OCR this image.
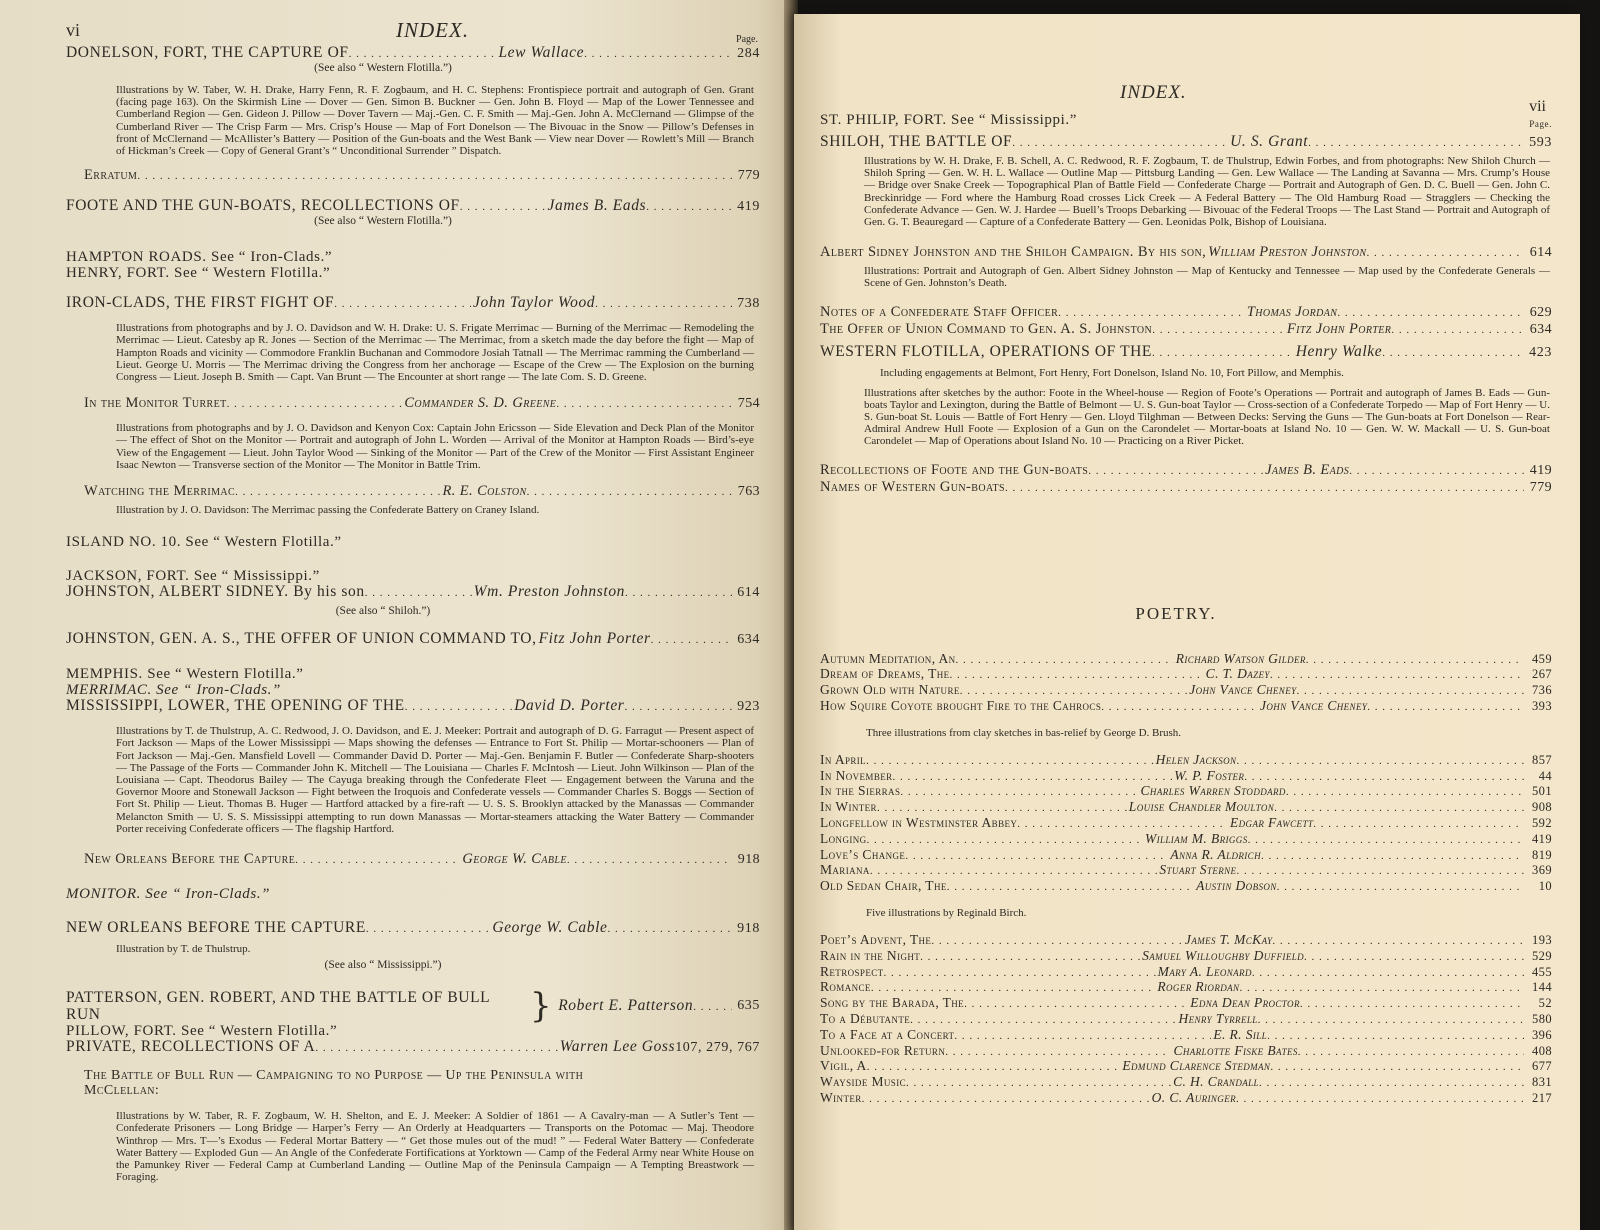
vi	INDEX.	Page.
DONELSON, FORT, THE CAPTURE OF . . .	Lew Wallace . . .	284
(See also “ Western Flotilla.”)
Illustrations by W. Taber, W. H. Drake, Harry Fenn, R. F. Zogbaum, and H. C. Stephens: Frontispiece portrait and autograph of Gen. Grant (facing page 163). On the Skirmish Line — Dover — Gen. Simon B. Buckner — Gen. John B. Floyd — Map of the Lower Tennessee and Cumberland Region — Gen. Gideon J. Pillow — Dover Tavern — Maj.-Gen. C. F. Smith — Maj.-Gen. John A. McClernand — Glimpse of the Cumberland River — The Crisp Farm — Mrs. Crisp’s House — Map of Fort Donelson — The Bivouac in the Snow — Pillow’s Defenses in front of McClernand — McAllister’s Battery — Position of the Gun-boats and the West Bank — View near Dover — Rowlett’s Mill — Branch of Hickman’s Creek — Copy of General Grant’s “ Unconditional Surrender ” Dispatch.
Erratum . . .	779
FOOTE AND THE GUN-BOATS, RECOLLECTIONS OF . . .	James B. Eads . . .	419
(See also “ Western Flotilla.”)
HAMPTON ROADS. See “ Iron-Clads.”
HENRY, FORT. See “ Western Flotilla.”
IRON-CLADS, THE FIRST FIGHT OF . . .	John Taylor Wood . . .	738
Illustrations from photographs and by J. O. Davidson and W. H. Drake: U. S. Frigate Merrimac — Burning of the Merrimac — Remodeling the Merrimac — Lieut. Catesby ap R. Jones — Section of the Merrimac — The Merrimac, from a sketch made the day before the fight — Map of Hampton Roads and vicinity — Commodore Franklin Buchanan and Commodore Josiah Tatnall — The Merrimac ramming the Cumberland — Lieut. George U. Morris — The Merrimac driving the Congress from her anchorage — Escape of the Crew — The Explosion on the burning Congress — Lieut. Joseph B. Smith — Capt. Van Brunt — The Encounter at short range — The late Com. S. D. Greene.
In the Monitor Turret . . .	Commander S. D. Greene . . .	754
Illustrations from photographs and by J. O. Davidson and Kenyon Cox: Captain John Ericsson — Side Elevation and Deck Plan of the Monitor — The effect of Shot on the Monitor — Portrait and autograph of John L. Worden — Arrival of the Monitor at Hampton Roads — Bird’s-eye View of the Engagement — Lieut. John Taylor Wood — Sinking of the Monitor — Part of the Crew of the Monitor — First Assistant Engineer Isaac Newton — Transverse section of the Monitor — The Monitor in Battle Trim.
Watching the Merrimac . . .	R. E. Colston . . .	763
Illustration by J. O. Davidson: The Merrimac passing the Confederate Battery on Craney Island.
ISLAND NO. 10. See “ Western Flotilla.”
JACKSON, FORT. See “ Mississippi.”
JOHNSTON, ALBERT SIDNEY. By his son . . .	Wm. Preston Johnston . . .	614
(See also “ Shiloh.”)
JOHNSTON, GEN. A. S., THE OFFER OF UNION COMMAND TO, Fitz John Porter . . .	634
MEMPHIS. See “ Western Flotilla.”
MERRIMAC. See “ Iron-Clads.”
MISSISSIPPI, LOWER, THE OPENING OF THE . . .	David D. Porter . . .	923
Illustrations by T. de Thulstrup, A. C. Redwood, J. O. Davidson, and E. J. Meeker: Portrait and autograph of D. G. Farragut — Present aspect of Fort Jackson — Maps of the Lower Mississippi — Maps showing the defenses — Entrance to Fort St. Philip — Mortar-schooners — Plan of Fort Jackson — Maj.-Gen. Mansfield Lovell — Commander David D. Porter — Maj.-Gen. Benjamin F. Butler — Confederate Sharp-shooters — The Passage of the Forts — Commander John K. Mitchell — The Louisiana — Charles F. McIntosh — Lieut. John Wilkinson — Plan of the Louisiana — Capt. Theodorus Bailey — The Cayuga breaking through the Confederate Fleet — Engagement between the Varuna and the Governor Moore and Stonewall Jackson — Fight between the Iroquois and Confederate vessels — Commander Charles S. Boggs — Section of Fort St. Philip — Lieut. Thomas B. Huger — Hartford attacked by a fire-raft — U. S. S. Brooklyn attacked by the Manassas — Commander Melancton Smith — U. S. S. Mississippi attempting to run down Manassas — Mortar-steamers attacking the Water Battery — Commander Porter receiving Confederate officers — The flagship Hartford.
New Orleans Before the Capture . . .	George W. Cable . . .	918
MONITOR. See “ Iron-Clads.”
NEW ORLEANS BEFORE THE CAPTURE . . .	George W. Cable . . .	918
Illustration by T. de Thulstrup.
(See also “ Mississippi.”)
PATTERSON, GEN. ROBERT, AND THE BATTLE OF BULL RUN	} Robert E. Patterson . . .	635
PILLOW, FORT. See “ Western Flotilla.”
PRIVATE, RECOLLECTIONS OF A . . .	Warren Lee Goss 107, 279, 767
The Battle of Bull Run — Campaigning to no Purpose — Up the Peninsula with McClellan:
Illustrations by W. Taber, R. F. Zogbaum, W. H. Shelton, and E. J. Meeker: A Soldier of 1861 — A Cavalry-man — A Sutler’s Tent — Confederate Prisoners — Long Bridge — Harper’s Ferry — An Orderly at Headquarters — Transports on the Potomac — Maj. Theodore Winthrop — Mrs. T—’s Exodus — Federal Mortar Battery — “ Get those mules out of the mud! ” — Federal Water Battery — Confederate Water Battery — Exploded Gun — An Angle of the Confederate Fortifications at Yorktown — Camp of the Federal Army near White House on the Pamunkey River — Federal Camp at Cumberland Landing — Outline Map of the Peninsula Campaign — A Tempting Breastwork — Foraging.
INDEX.
vii
ST. PHILIP, FORT. See “ Mississippi.”	Page.
SHILOH, THE BATTLE OF . . .	U. S. Grant . . .	593
Illustrations by W. H. Drake, F. B. Schell, A. C. Redwood, R. F. Zogbaum, T. de Thulstrup, Edwin Forbes, and from photographs: New Shiloh Church — Shiloh Spring — Gen. W. H. L. Wallace — Outline Map — Pittsburg Landing — Gen. Lew Wallace — The Landing at Savanna — Mrs. Crump’s House — Bridge over Snake Creek — Topographical Plan of Battle Field — Confederate Charge — Portrait and Autograph of Gen. D. C. Buell — Gen. John C. Breckinridge — Ford where the Hamburg Road crosses Lick Creek — A Federal Battery — The Old Hamburg Road — Stragglers — Checking the Confederate Advance — Gen. W. J. Hardee — Buell’s Troops Debarking — Bivouac of the Federal Troops — The Last Stand — Portrait and Autograph of Gen. G. T. Beauregard — Capture of a Confederate Battery — Gen. Leonidas Polk, Bishop of Louisiana.
Albert Sidney Johnston and the Shiloh Campaign. By his son, William Preston Johnston . . .	614
Illustrations: Portrait and Autograph of Gen. Albert Sidney Johnston — Map of Kentucky and Tennessee — Map used by the Confederate Generals — Scene of Gen. Johnston’s Death.
Notes of a Confederate Staff Officer . . .	Thomas Jordan . . .	629
The Offer of Union Command to Gen. A. S. Johnston . . .	Fitz John Porter . . .	634
WESTERN FLOTILLA, OPERATIONS OF THE . . .	Henry Walke . . .	423
Including engagements at Belmont, Fort Henry, Fort Donelson, Island No. 10, Fort Pillow, and Memphis.
Illustrations after sketches by the author: Foote in the Wheel-house — Region of Foote’s Operations — Portrait and autograph of James B. Eads — Gun-boats Taylor and Lexington, during the Battle of Belmont — U. S. Gun-boat Taylor — Cross-section of a Confederate Torpedo — Map of Fort Henry — U. S. Gun-boat St. Louis — Battle of Fort Henry — Gen. Lloyd Tilghman — Between Decks: Serving the Guns — The Gun-boats at Fort Donelson — Rear-Admiral Andrew Hull Foote — Explosion of a Gun on the Carondelet — Mortar-boats at Island No. 10 — Gen. W. W. Mackall — U. S. Gun-boat Carondelet — Map of Operations about Island No. 10 — Practicing on a River Picket.
Recollections of Foote and the Gun-boats . . .	James B. Eads . . .	419
Names of Western Gun-boats . . .	779
POETRY.
Autumn Meditation, An . . .	Richard Watson Gilder . . .	459
Dream of Dreams, The . . .	C. T. Dazey . . .	267
Grown Old with Nature . . .	John Vance Cheney . . .	736
How Squire Coyote brought Fire to the Cahrocs . . .	John Vance Cheney . . .	393
Three illustrations from clay sketches in bas-relief by George D. Brush.
In April . . .	Helen Jackson . . .	857
In November . . .	W. P. Foster . . .	44
In the Sierras . . .	Charles Warren Stoddard . . .	501
In Winter . . .	Louise Chandler Moulton . . .	908
Longfellow in Westminster Abbey . . .	Edgar Fawcett . . .	592
Longing . . .	William M. Briggs . . .	419
Love’s Change . . .	Anna R. Aldrich . . .	819
Mariana . . .	Stuart Sterne . . .	369
Old Sedan Chair, The . . .	Austin Dobson . . .	10
Five illustrations by Reginald Birch.
Poet’s Advent, The . . .	James T. McKay . . .	193
Rain in the Night . . .	Samuel Willoughby Duffield . . .	529
Retrospect . . .	Mary A. Leonard . . .	455
Romance . . .	Roger Riordan . . .	144
Song by the Barada, The . . .	Edna Dean Proctor . . .	52
To a Débutante . . .	Henry Tyrrell . . .	580
To a Face at a Concert . . .	E. R. Sill . . .	396
Unlooked-for Return . . .	Charlotte Fiske Bates . . .	408
Vigil, A . . .	Edmund Clarence Stedman . . .	677
Wayside Music . . .	C. H. Crandall . . .	831
Winter . . .	O. C. Auringer . . .	217
